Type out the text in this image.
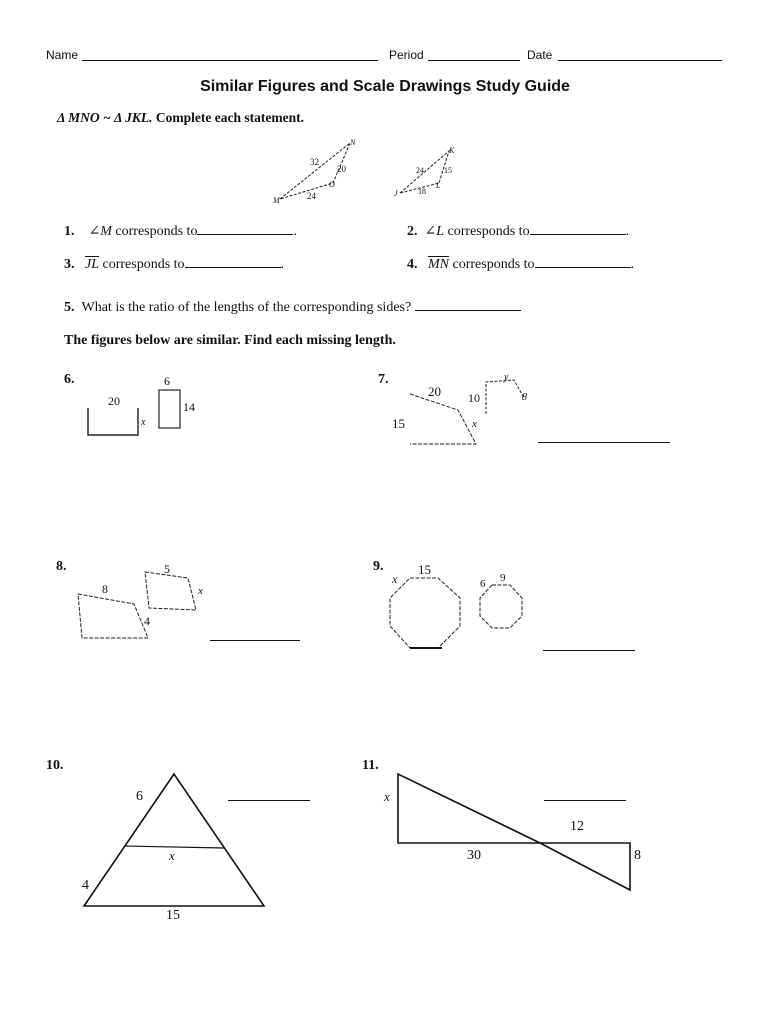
Name	Period	Date
Similar Figures and Scale Drawings Study Guide
Δ MNO ~ Δ JKL. Complete each statement.
N
O
M
32
20
24
K
L
J
24	15
18
1. ∠M corresponds to	.	2. ∠L corresponds to	.
3. $\overline{JL}$ corresponds to	.	4. $\overline{MN}$ corresponds to	.
5. What is the ratio of the lengths of the corresponding sides?
The figures below are similar. Find each missing length.
6.
20
x
6
14
7.
20
15	x
10
y
8
8.
8
4
5
x
9.
x
15
6 9
10.
6
x
4
15
11.
x
12
30	8
